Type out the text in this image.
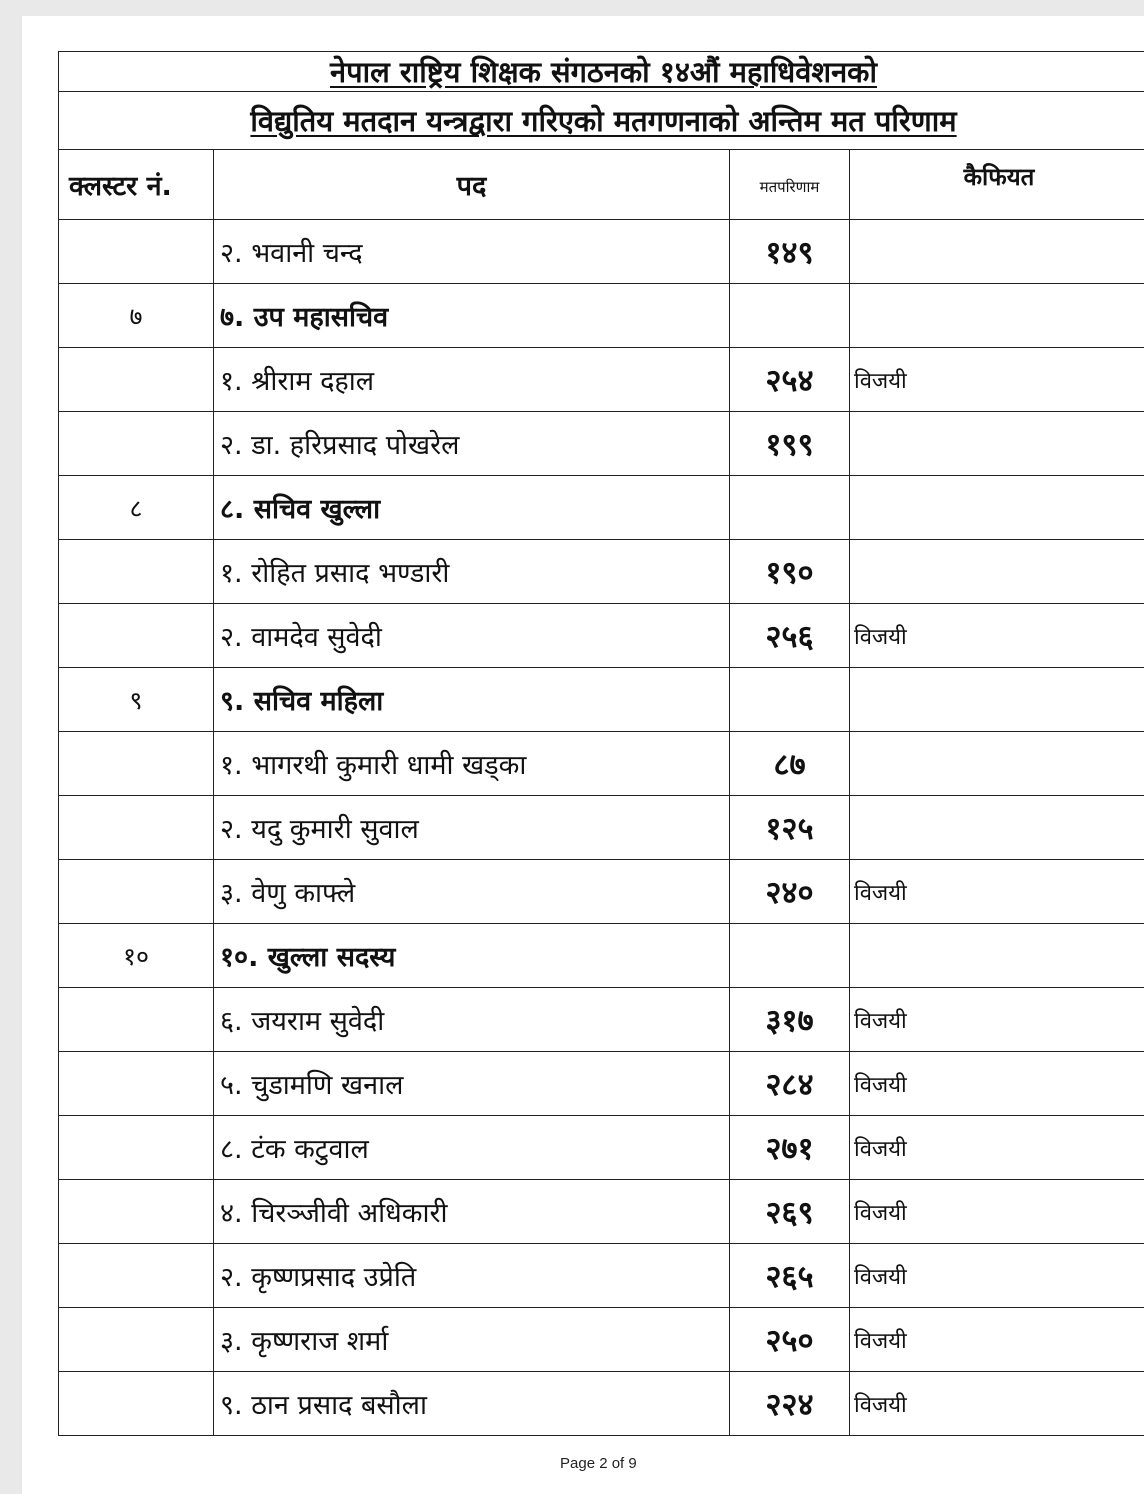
नेपाल राष्ट्रिय शिक्षक संगठनको १४औं महाधिवेशनको			
विद्युतिय मतदान यन्त्रद्वारा गरिएको मतगणनाको अन्तिम मत परिणाम			
क्लस्टर नं.	पद	मतपरिणाम	कैफियत
	२. भवानी चन्द	१४९	
७	७. उप महासचिव		
	१. श्रीराम दहाल	२५४	विजयी
	२. डा. हरिप्रसाद पोखरेल	१९९	
८	८. सचिव खुल्ला		
	१. रोहित प्रसाद भण्डारी	१९०	
	२. वामदेव सुवेदी	२५६	विजयी
९	९. सचिव महिला		
	१. भागरथी कुमारी धामी खड्का	८७	
	२. यदु कुमारी सुवाल	१२५	
	३. वेणु काफ्ले	२४०	विजयी
१०	१०. खुल्ला सदस्य		
	६. जयराम सुवेदी	३१७	विजयी
	५. चुडामणि खनाल	२८४	विजयी
	८. टंक कटुवाल	२७१	विजयी
	४. चिरञ्जीवी अधिकारी	२६९	विजयी
	२. कृष्णप्रसाद उप्रेति	२६५	विजयी
	३. कृष्णराज शर्मा	२५०	विजयी
	९. ठान प्रसाद बसौला	२२४	विजयी
Page 2 of 9
